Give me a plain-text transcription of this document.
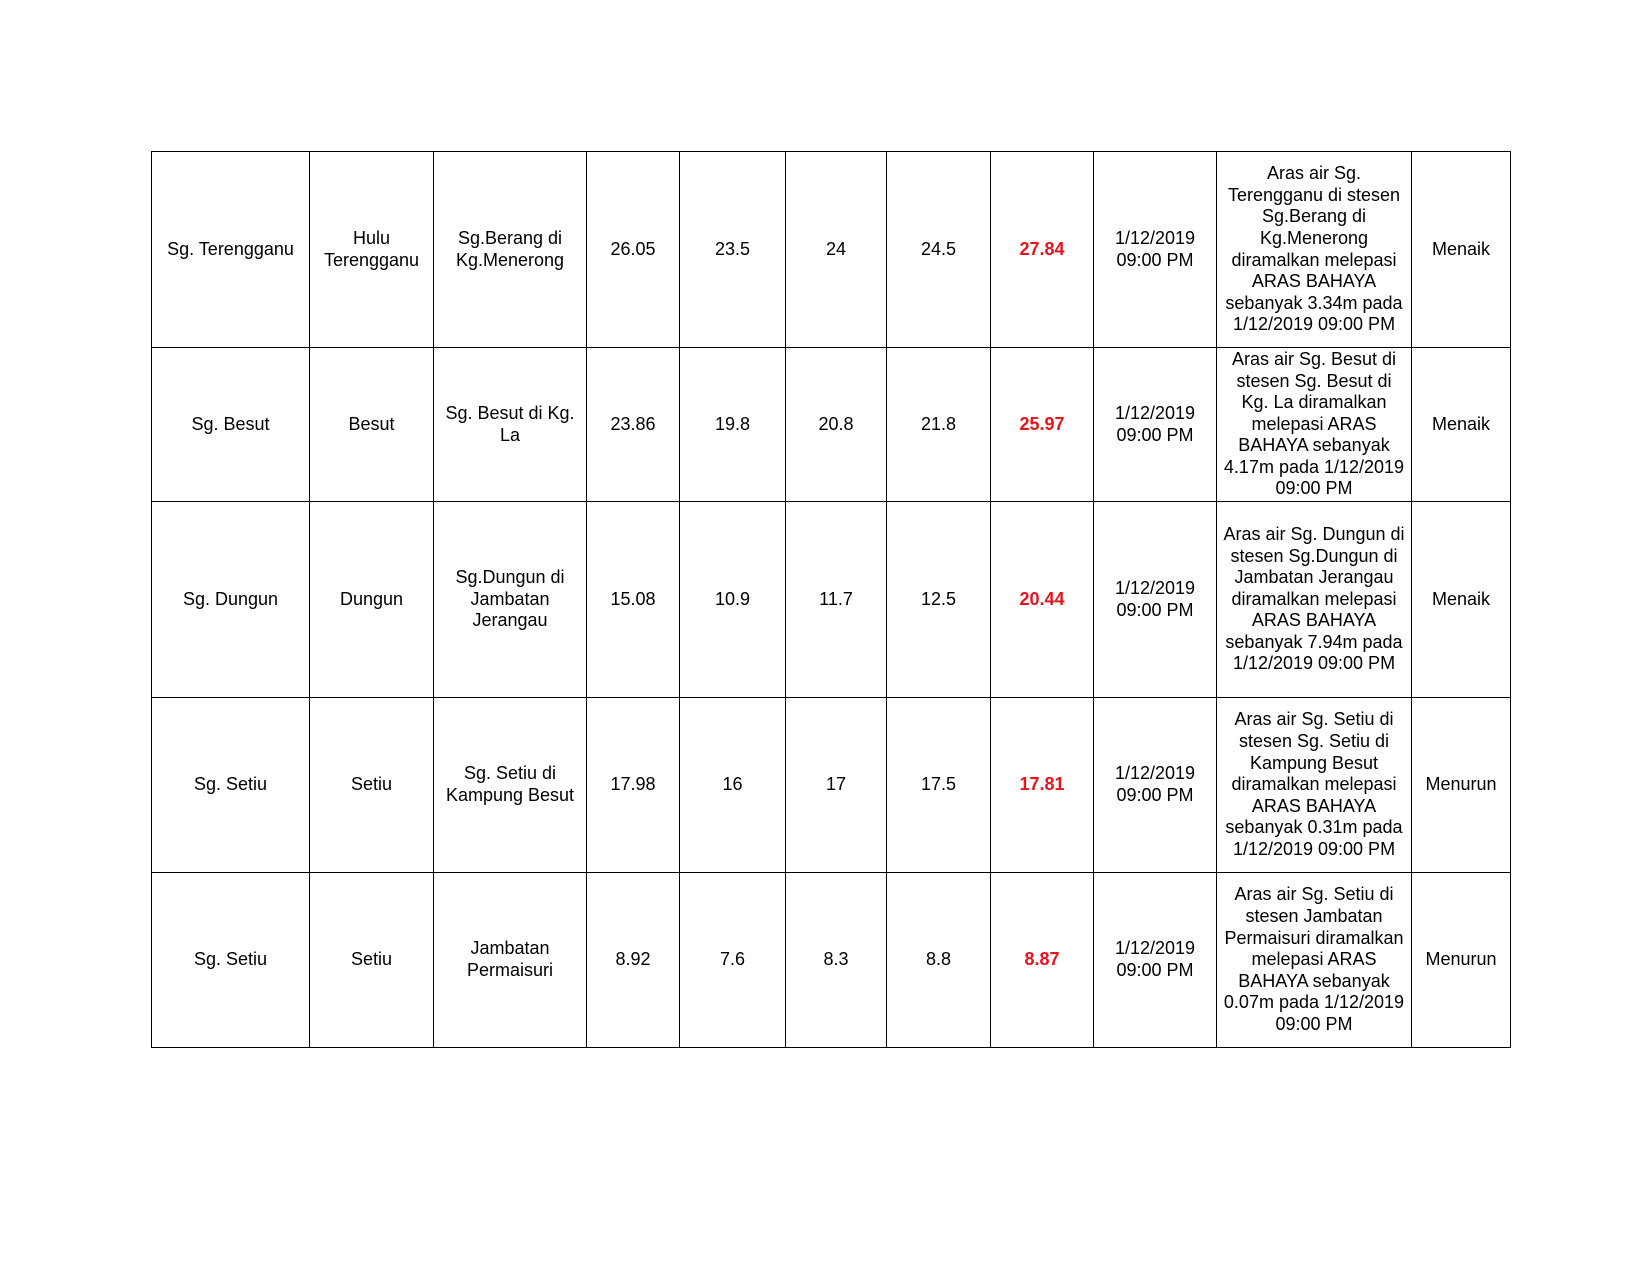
Sg. Terengganu	Hulu Terengganu	Sg.Berang di Kg.Menerong	26.05	23.5	24	24.5	27.84	1/12/2019 09:00 PM	Aras air Sg. Terengganu di stesen Sg.Berang di Kg.Menerong diramalkan melepasi ARAS BAHAYA sebanyak 3.34m pada 1/12/2019 09:00 PM	Menaik
Sg. Besut	Besut	Sg. Besut di Kg. La	23.86	19.8	20.8	21.8	25.97	1/12/2019 09:00 PM	Aras air Sg. Besut di stesen Sg. Besut di Kg. La diramalkan melepasi ARAS BAHAYA sebanyak 4.17m pada 1/12/2019 09:00 PM	Menaik
Sg. Dungun	Dungun	Sg.Dungun di Jambatan Jerangau	15.08	10.9	11.7	12.5	20.44	1/12/2019 09:00 PM	Aras air Sg. Dungun di stesen Sg.Dungun di Jambatan Jerangau diramalkan melepasi ARAS BAHAYA sebanyak 7.94m pada 1/12/2019 09:00 PM	Menaik
Sg. Setiu	Setiu	Sg. Setiu di Kampung Besut	17.98	16	17	17.5	17.81	1/12/2019 09:00 PM	Aras air Sg. Setiu di stesen Sg. Setiu di Kampung Besut diramalkan melepasi ARAS BAHAYA sebanyak 0.31m pada 1/12/2019 09:00 PM	Menurun
Sg. Setiu	Setiu	Jambatan Permaisuri	8.92	7.6	8.3	8.8	8.87	1/12/2019 09:00 PM	Aras air Sg. Setiu di stesen Jambatan Permaisuri diramalkan melepasi ARAS BAHAYA sebanyak 0.07m pada 1/12/2019 09:00 PM	Menurun
